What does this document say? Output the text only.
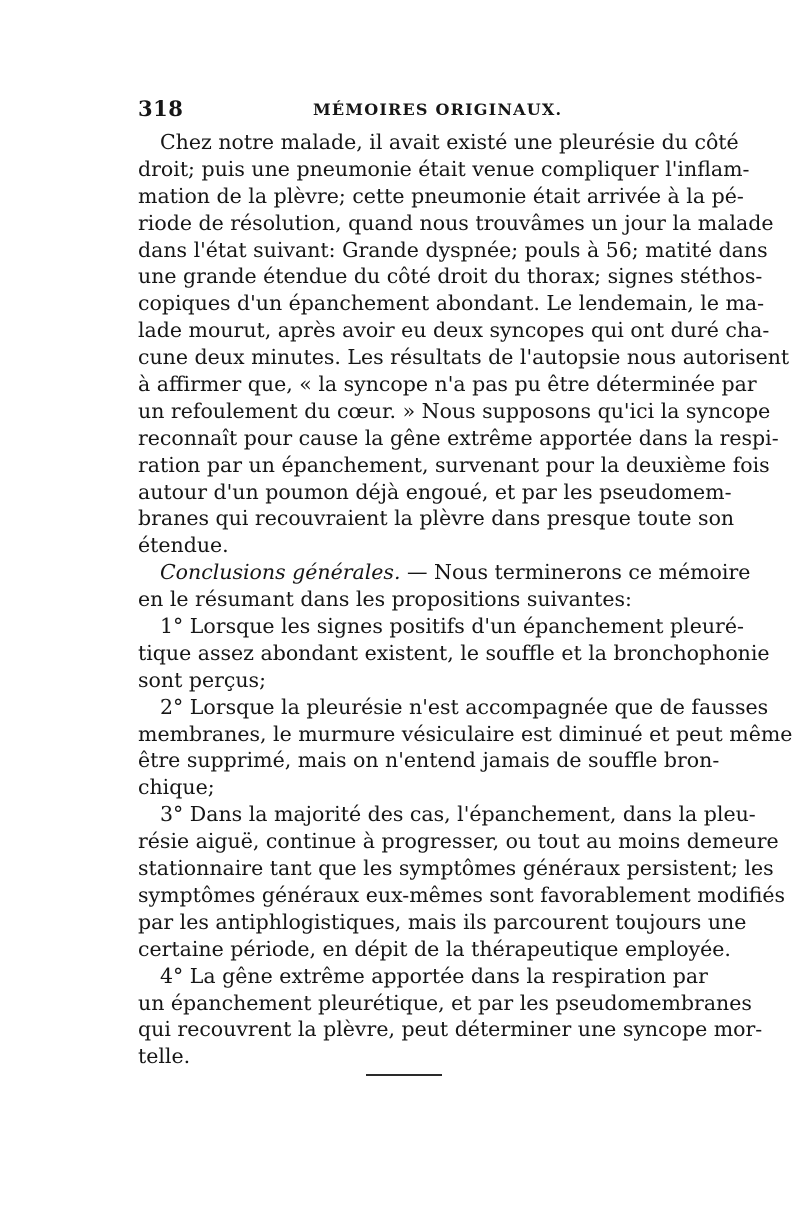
318	MÉMOIRES ORIGINAUX.
Chez notre malade, il avait existé une pleurésie du côté
droit; puis une pneumonie était venue compliquer l'inflam-
mation de la plèvre; cette pneumonie était arrivée à la pé-
riode de résolution, quand nous trouvâmes un jour la malade
dans l'état suivant: Grande dyspnée; pouls à 56; matité dans
une grande étendue du côté droit du thorax; signes stéthos-
copiques d'un épanchement abondant. Le lendemain, le ma-
lade mourut, après avoir eu deux syncopes qui ont duré cha-
cune deux minutes. Les résultats de l'autopsie nous autorisent
à affirmer que, « la syncope n'a pas pu être déterminée par
un refoulement du cœur. » Nous supposons qu'ici la syncope
reconnaît pour cause la gêne extrême apportée dans la respi-
ration par un épanchement, survenant pour la deuxième fois
autour d'un poumon déjà engoué, et par les pseudomem-
branes qui recouvraient la plèvre dans presque toute son
étendue.
Conclusions générales. — Nous terminerons ce mémoire
en le résumant dans les propositions suivantes:
1° Lorsque les signes positifs d'un épanchement pleuré-
tique assez abondant existent, le souffle et la bronchophonie
sont perçus;
2° Lorsque la pleurésie n'est accompagnée que de fausses
membranes, le murmure vésiculaire est diminué et peut même
être supprimé, mais on n'entend jamais de souffle bron-
chique;
3° Dans la majorité des cas, l'épanchement, dans la pleu-
résie aiguë, continue à progresser, ou tout au moins demeure
stationnaire tant que les symptômes généraux persistent; les
symptômes généraux eux-mêmes sont favorablement modifiés
par les antiphlogistiques, mais ils parcourent toujours une
certaine période, en dépit de la thérapeutique employée.
4° La gêne extrême apportée dans la respiration par
un épanchement pleurétique, et par les pseudomembranes
qui recouvrent la plèvre, peut déterminer une syncope mor-
telle.
